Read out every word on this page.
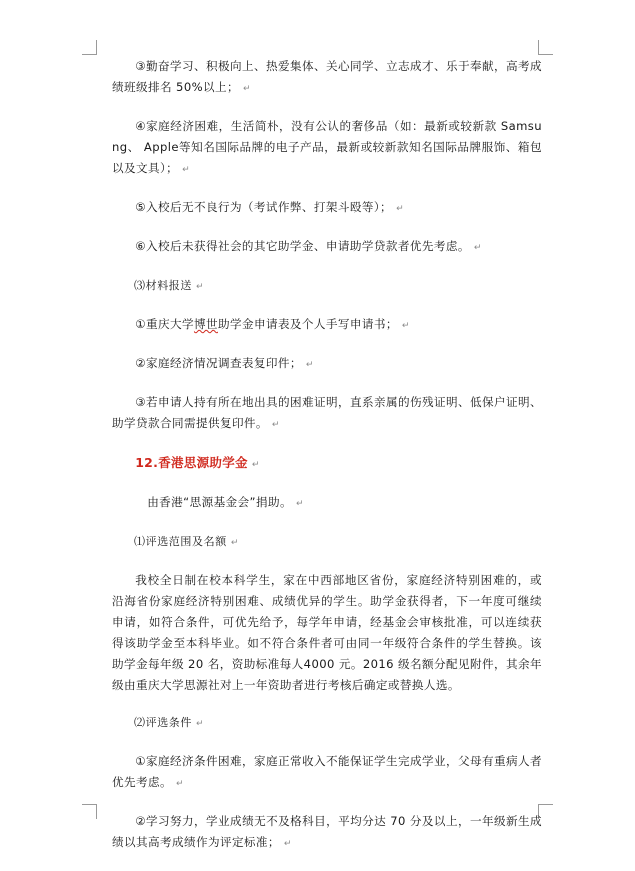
③勤奋学习、积极向上、热爱集体、关心同学、立志成才、乐于奉献，高考成绩班级排名 50%以上； ↵

④家庭经济困难，生活简朴，没有公认的奢侈品（如：最新或较新款 Samsung、 Apple等知名国际品牌的电子产品，最新或较新款知名国际品牌服饰、箱包以及文具）； ↵

⑤入校后无不良行为（考试作弊、打架斗殴等）； ↵

⑥入校后未获得社会的其它助学金、申请助学贷款者优先考虑。 ↵

⑶材料报送 ↵

①重庆大学博世助学金申请表及个人手写申请书； ↵

②家庭经济情况调查表复印件； ↵

③若申请人持有所在地出具的困难证明，直系亲属的伤残证明、低保户证明、助学贷款合同需提供复印件。 ↵

12.香港思源助学金 ↵

由香港“思源基金会”捐助。 ↵

⑴评选范围及名额 ↵

我校全日制在校本科学生，家在中西部地区省份，家庭经济特别困难的，或沿海省份家庭经济特别困难、成绩优异的学生。助学金获得者，下一年度可继续申请，如符合条件，可优先给予，每学年申请，经基金会审核批准，可以连续获得该助学金至本科毕业。如不符合条件者可由同一年级符合条件的学生替换。该助学金每年级 20 名，资助标准每人4000 元。2016 级名额分配见附件，其余年级由重庆大学思源社对上一年资助者进行考核后确定或替换人选。

⑵评选条件 ↵

①家庭经济条件困难，家庭正常收入不能保证学生完成学业，父母有重病人者优先考虑。 ↵

②学习努力，学业成绩无不及格科目，平均分达 70 分及以上，一年级新生成绩以其高考成绩作为评定标准； ↵
